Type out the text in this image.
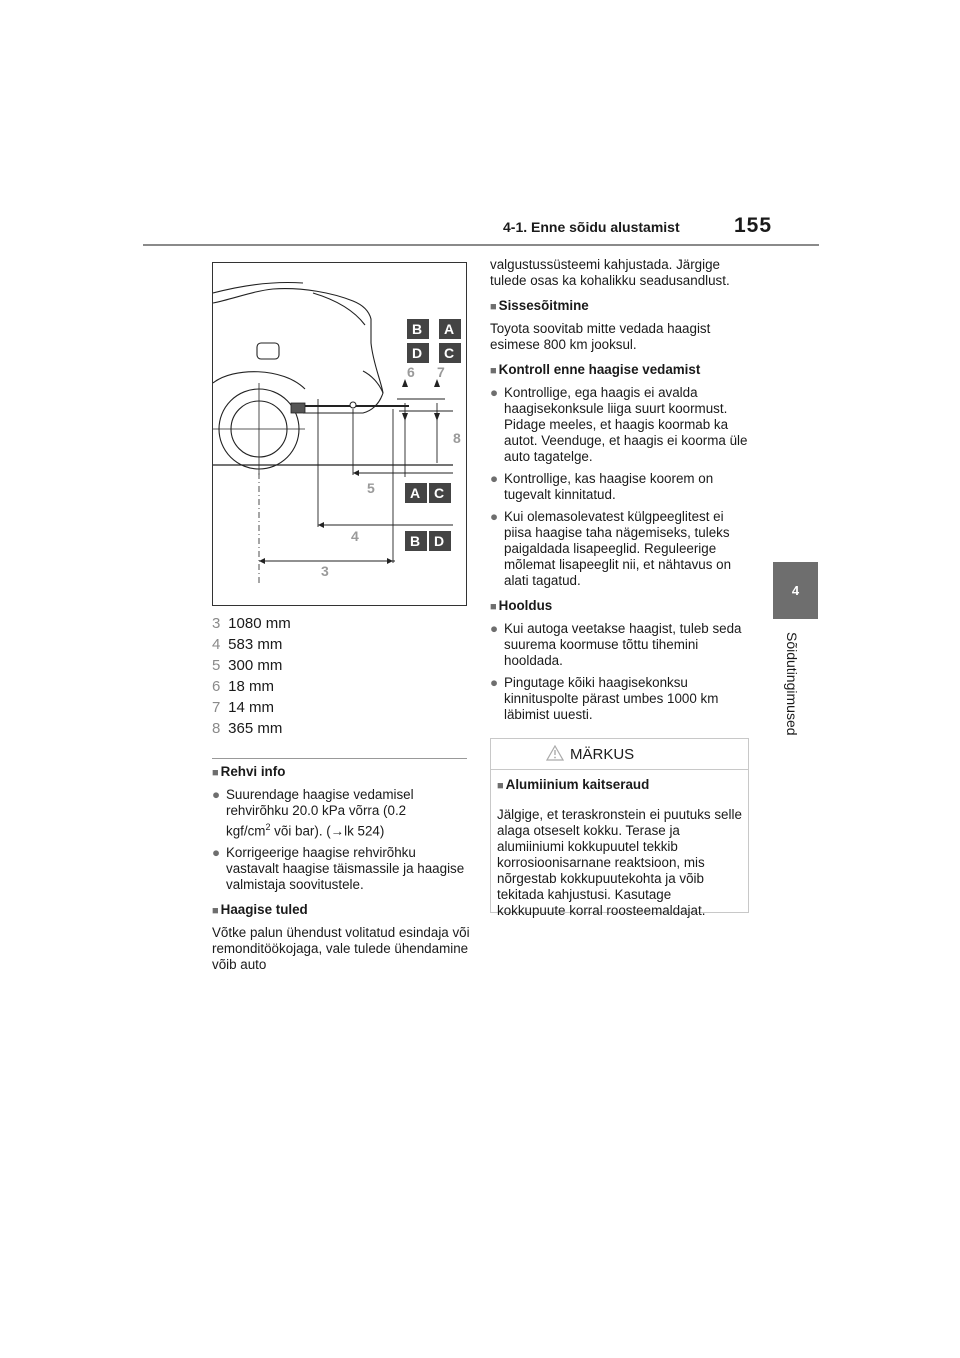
4-1. Enne sõidu alustamist	155
4
Sõidutingimused
3
4
5
6 7
8
B A
D C
A C
B D
3 1080 mm
4 583 mm
5 300 mm
6 18 mm
7 14 mm
8 365 mm

■ Rehvi info

● Suurendage haagise vedamisel
rehvirõhku 20.0 kPa võrra (0.2
kgf/$cm^2$ või bar). (→lk 524)
● Korrigeerige haagise rehvirõhku vastavalt haagise täismassile ja haagise valmistaja soovitustele.

■ Haagise tuled

Võtke palun ühendust volitatud esindaja või remonditöökojaga, vale tulede ühendamine võib auto

valgustussüsteemi kahjustada. Järgige tulede osas ka kohalikku seadusandlust.

■ Sissesõitmine

Toyota soovitab mitte vedada haagist esimese 800 km jooksul.

■ Kontroll enne haagise vedamist

● Kontrollige, ega haagis ei avalda haagisekonksule liiga suurt koormust. Pidage meeles, et haagis koormab ka autot. Veenduge, et haagis ei koorma üle auto tagatelge.
● Kontrollige, kas haagise koorem on tugevalt kinnitatud.
● Kui olemasolevatest külgpeeglitest ei piisa haagise taha nägemiseks, tuleks paigaldada lisapeeglid. Reguleerige mõlemat lisapeeglit nii, et nähtavus on alati tagatud.

■ Hooldus

● Kui autoga veetakse haagist, tuleb seda suurema koormuse tõttu tihemini hooldada.
● Pingutage kõiki haagisekonksu kinnituspolte pärast umbes 1000 km läbimist uuesti.
MÄRKUS

■ Alumiinium kaitseraud

Jälgige, et teraskronstein ei puutuks selle alaga otseselt kokku. Terase ja alumiiniumi kokkupuutel tekkib korrosioonisarnane reaktsioon, mis nõrgestab kokkupuutekohta ja võib tekitada kahjustusi. Kasutage kokkupuute korral roosteemaldajat.
